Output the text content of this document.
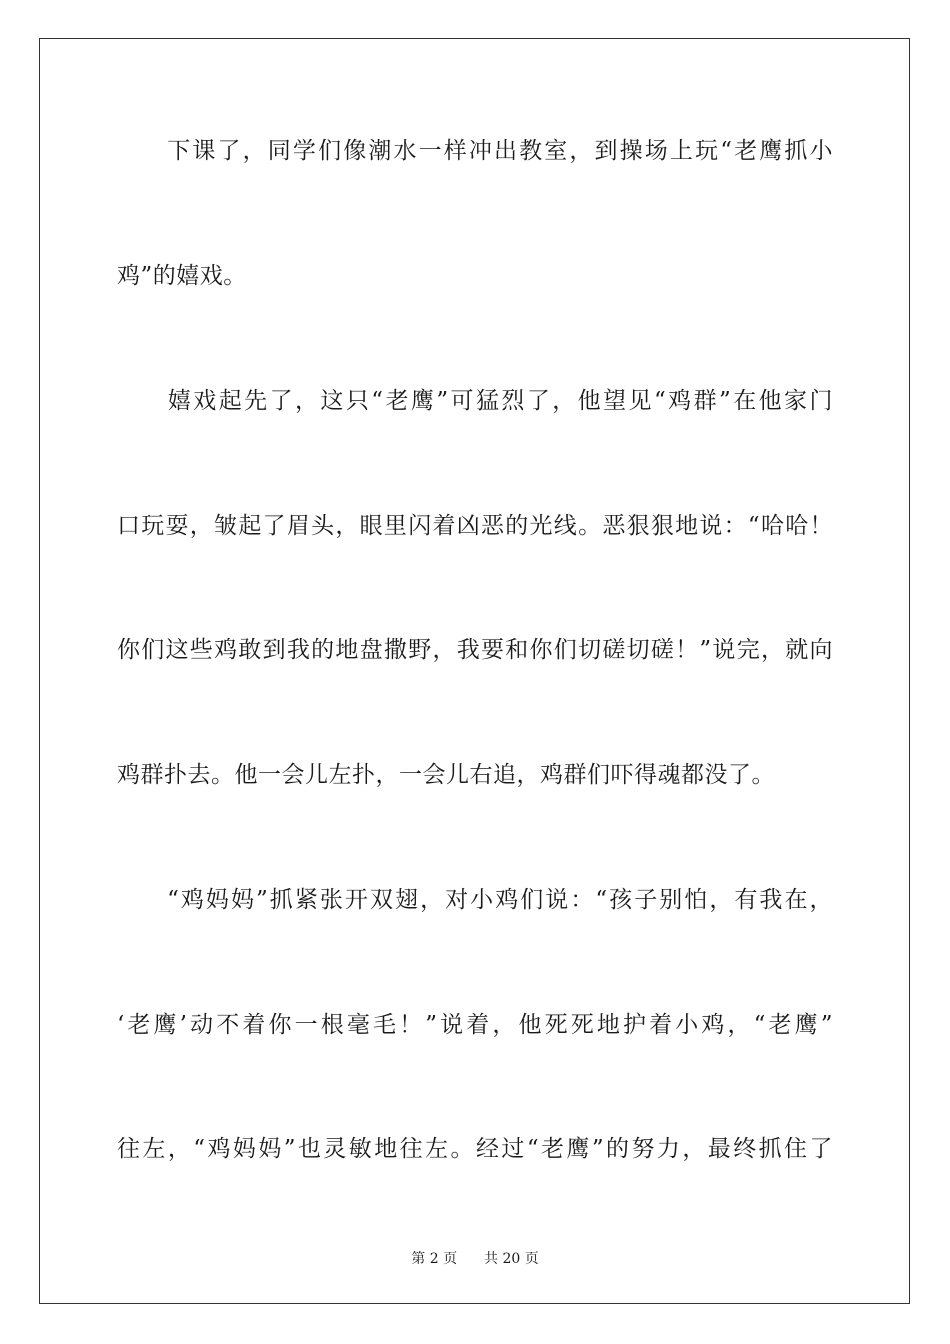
　　下课了，同学们像潮水一样冲出教室，到操场上玩“老鹰抓小
鸡”的嬉戏。
　　嬉戏起先了，这只“老鹰”可猛烈了，他望见“鸡群”在他家门
口玩耍，皱起了眉头，眼里闪着凶恶的光线。恶狠狠地说：“哈哈！
你们这些鸡敢到我的地盘撒野，我要和你们切磋切磋！”说完，就向
鸡群扑去。他一会儿左扑，一会儿右追，鸡群们吓得魂都没了。
　　“鸡妈妈”抓紧张开双翅，对小鸡们说：“孩子别怕，有我在，
‘老鹰’动不着你一根毫毛！”说着，他死死地护着小鸡，“老鹰”
往左，“鸡妈妈”也灵敏地往左。经过“老鹰”的努力，最终抓住了
第 2 页 共 20 页
